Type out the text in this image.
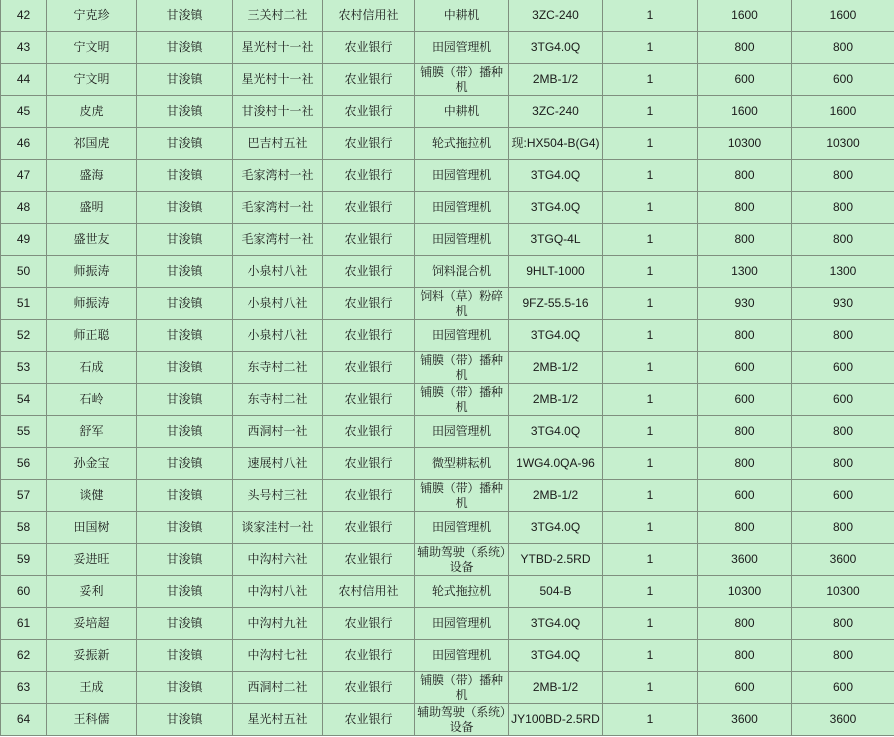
42	宁克珍	甘浚镇	三关村二社	农村信用社	中耕机	3ZC-240	1	1600	1600
43	宁文明	甘浚镇	星光村十一社	农业银行	田园管理机	3TG4.0Q	1	800	800
44	宁文明	甘浚镇	星光村十一社	农业银行	铺膜（带）播种机	2MB-1/2	1	600	600
45	皮虎	甘浚镇	甘浚村十一社	农业银行	中耕机	3ZC-240	1	1600	1600
46	祁国虎	甘浚镇	巴吉村五社	农业银行	轮式拖拉机	现:HX504-B(G4)	1	10300	10300
47	盛海	甘浚镇	毛家湾村一社	农业银行	田园管理机	3TG4.0Q	1	800	800
48	盛明	甘浚镇	毛家湾村一社	农业银行	田园管理机	3TG4.0Q	1	800	800
49	盛世友	甘浚镇	毛家湾村一社	农业银行	田园管理机	3TGQ-4L	1	800	800
50	师振涛	甘浚镇	小泉村八社	农业银行	饲料混合机	9HLT-1000	1	1300	1300
51	师振涛	甘浚镇	小泉村八社	农业银行	饲料（草）粉碎机	9FZ-55.5-16	1	930	930
52	师正聪	甘浚镇	小泉村八社	农业银行	田园管理机	3TG4.0Q	1	800	800
53	石成	甘浚镇	东寺村二社	农业银行	铺膜（带）播种机	2MB-1/2	1	600	600
54	石岭	甘浚镇	东寺村二社	农业银行	铺膜（带）播种机	2MB-1/2	1	600	600
55	舒军	甘浚镇	西洞村一社	农业银行	田园管理机	3TG4.0Q	1	800	800
56	孙金宝	甘浚镇	速展村八社	农业银行	微型耕耘机	1WG4.0QA-96	1	800	800
57	谈健	甘浚镇	头号村三社	农业银行	铺膜（带）播种机	2MB-1/2	1	600	600
58	田国树	甘浚镇	谈家洼村一社	农业银行	田园管理机	3TG4.0Q	1	800	800
59	妥进旺	甘浚镇	中沟村六社	农业银行	辅助驾驶（系统）设备	YTBD-2.5RD	1	3600	3600
60	妥利	甘浚镇	中沟村八社	农村信用社	轮式拖拉机	504-B	1	10300	10300
61	妥培超	甘浚镇	中沟村九社	农业银行	田园管理机	3TG4.0Q	1	800	800
62	妥振新	甘浚镇	中沟村七社	农业银行	田园管理机	3TG4.0Q	1	800	800
63	王成	甘浚镇	西洞村二社	农业银行	铺膜（带）播种机	2MB-1/2	1	600	600
64	王科儒	甘浚镇	星光村五社	农业银行	辅助驾驶（系统）设备	JY100BD-2.5RD	1	3600	3600
